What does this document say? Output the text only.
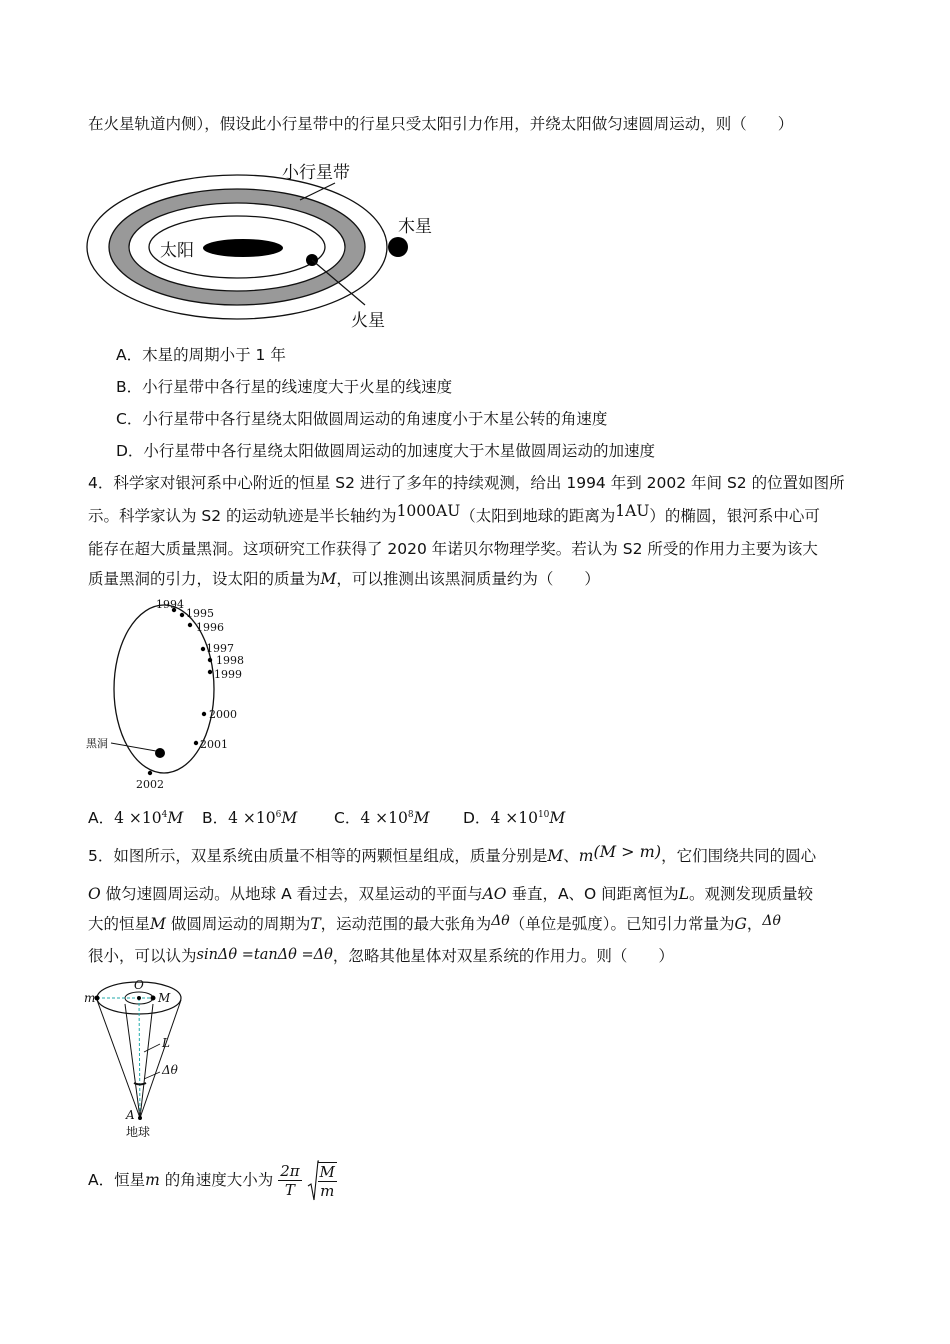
在火星轨道内侧），假设此小行星带中的行星只受太阳引力作用，并绕太阳做匀速圆周运动，则（　　）
小行星带
木星
太阳
火星
A．木星的周期小于 1 年
B．小行星带中各行星的线速度大于火星的线速度
C．小行星带中各行星绕太阳做圆周运动的角速度小于木星公转的角速度
D．小行星带中各行星绕太阳做圆周运动的加速度大于木星做圆周运动的加速度
4．科学家对银河系中心附近的恒星 S2 进行了多年的持续观测，给出 1994 年到 2002 年间 S2 的位置如图所
示。科学家认为 S2 的运动轨迹是半长轴约为1000AU（太阳到地球的距离为1AU）的椭圆，银河系中心可
能存在超大质量黑洞。这项研究工作获得了 2020 年诺贝尔物理学奖。若认为 S2 所受的作用力主要为该大
质量黑洞的引力，设太阳的质量为M，可以推测出该黑洞质量约为（　　）
1994
1995
1996
1997
1998
1999
2000
2001
2002
黑洞
A．$4 \times 10^4M$ B．$4 \times 10^6M$ C．$4 \times 10^8M$ D．$4 \times 10^{10}M$
5．如图所示，双星系统由质量不相等的两颗恒星组成，质量分别是M、m(M > m)，它们围绕共同的圆心
O 做匀速圆周运动。从地球 A 看过去，双星运动的平面与AO 垂直，A、O 间距离恒为L。观测发现质量较
大的恒星M 做圆周运动的周期为T，运动范围的最大张角为Δθ（单位是弧度）。已知引力常量为G，Δθ
很小，可以认为sinΔθ =tanΔθ =Δθ，忽略其他星体对双星系统的作用力。则（　　）
O
m	M
L
Δθ
A
地球
A．恒星m 的角速度大小为 $\frac{2\pi}{T}$
$\frac{M}{m}$
